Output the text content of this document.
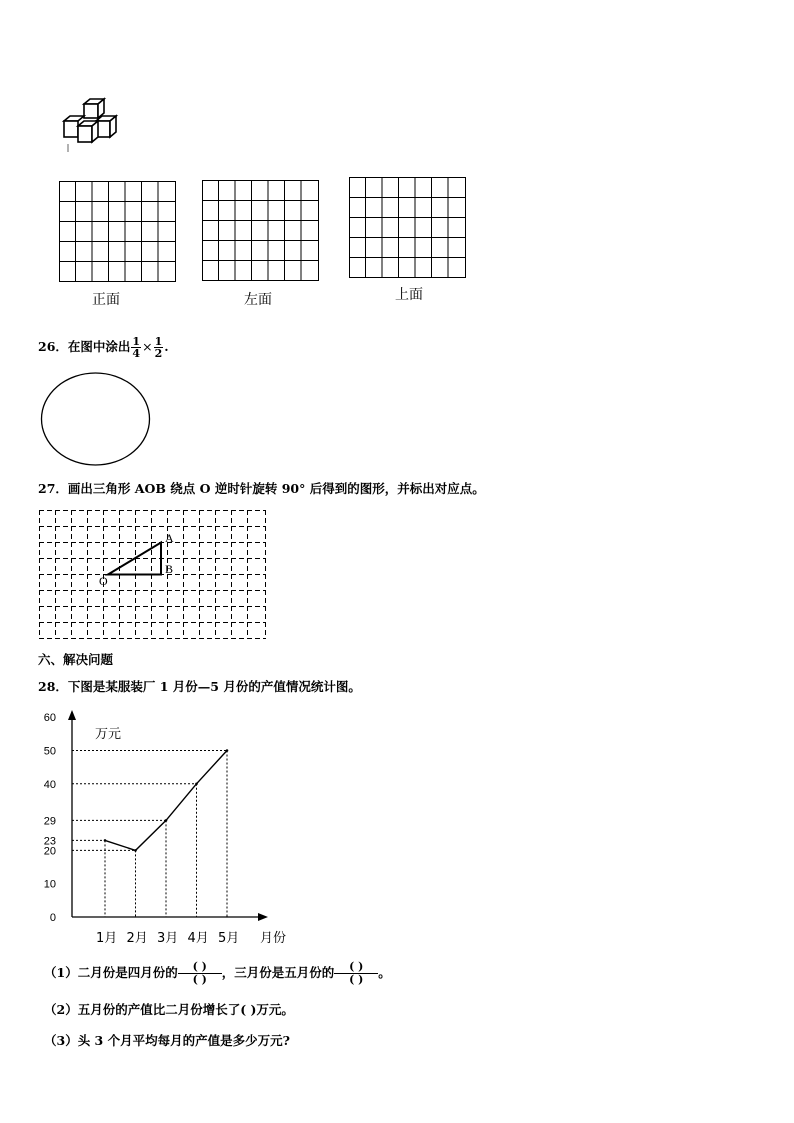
正面	左面	上面
26．在图中涂出 $\frac{1}{4} \times \frac{1}{2}$ .
27．画出三角形 AOB 绕点 O 逆时针旋转 90° 后得到的图形，并标出对应点。
O
A
B
六、解决问题
28．下图是某服装厂 1 月份—5 月份的产值情况统计图。
0
10
20
23
29
40
50
60
万元
1月 2月 3月 4月 5月 月份
（1）二月份是四月份的	( )
( ) ，三月份是五月份的	( )
( ) 。
（2）五月份的产值比二月份增长了( )万元。
（3）头 3 个月平均每月的产值是多少万元?
